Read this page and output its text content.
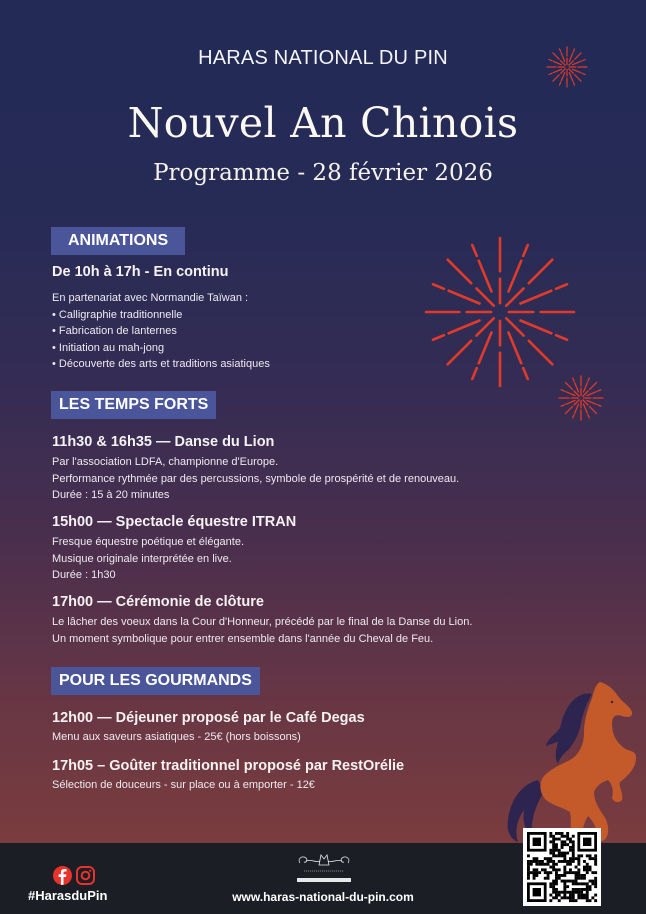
HARAS NATIONAL DU PIN
Nouvel An Chinois
Programme - 28 février 2026
ANIMATIONS
De 10h à 17h - En continu
En partenariat avec Normandie Taïwan :
• Calligraphie traditionnelle
• Fabrication de lanternes
• Initiation au mah-jong
• Découverte des arts et traditions asiatiques
LES TEMPS FORTS
11h30 & 16h35 — Danse du Lion
Par l'association LDFA, championne d'Europe.
Performance rythmée par des percussions, symbole de prospérité et de renouveau.
Durée : 15 à 20 minutes
15h00 — Spectacle équestre ITRAN
Fresque équestre poétique et élégante.
Musique originale interprétée en live.
Durée : 1h30
17h00 — Cérémonie de clôture
Le lâcher des voeux dans la Cour d'Honneur, précédé par le final de la Danse du Lion.
Un moment symbolique pour entrer ensemble dans l'année du Cheval de Feu.
POUR LES GOURMANDS
12h00 — Déjeuner proposé par le Café Degas
Menu aux saveurs asiatiques - 25€ (hors boissons)
17h05 – Goûter traditionnel proposé par RestOrélie
Sélection de douceurs - sur place ou à emporter - 12€
#HarasduPin	www.haras-national-du-pin.com
